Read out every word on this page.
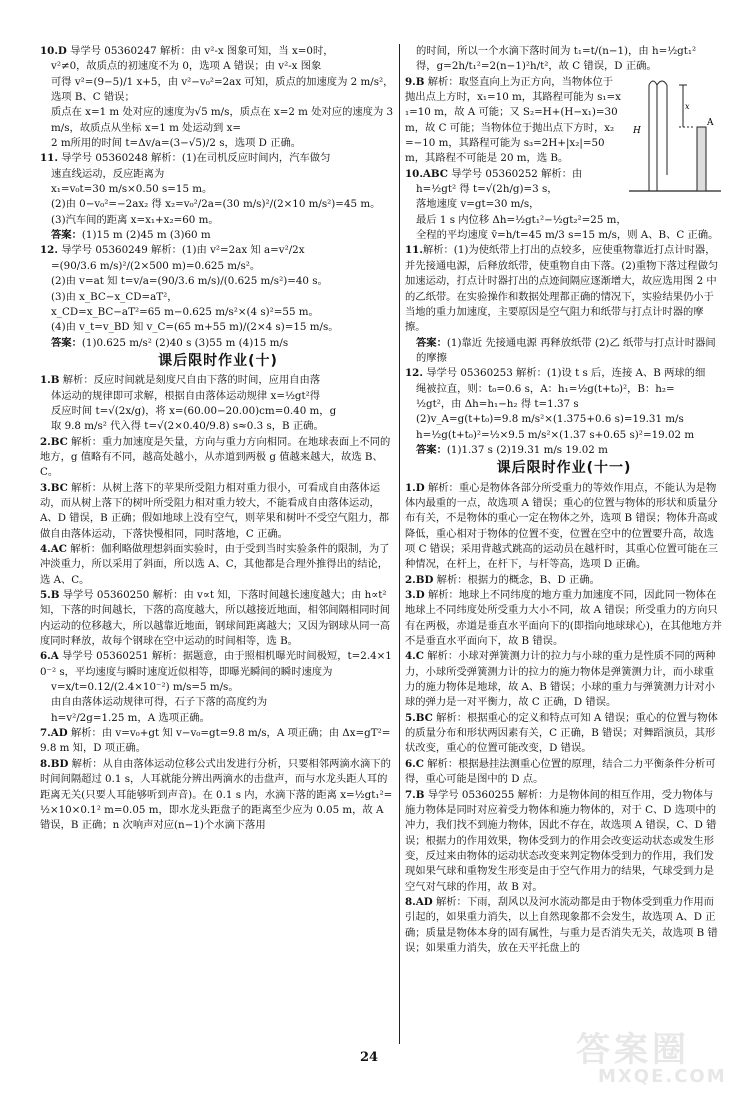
10.D 导学号 05360247 解析：由 v²-x 图象可知，当 x=0时，

v²≠0，故质点的初速度不为 0，选项 A 错误；由 v²-x 图象

可得 v²=(9−5)/1 x+5，由 v²−v₀²=2ax 可知，质点的加速度为 2 m/s²，选项 B、C 错误；

质点在 x=1 m 处对应的速度为√5 m/s，质点在 x=2 m 处对应的速度为 3 m/s，故质点从坐标 x=1 m 处运动到 x=

2 m所用的时间 t=Δv/a=(3−√5)/2 s，选项 D 正确。

11. 导学号 05360248 解析：(1)在司机反应时间内，汽车做匀

速直线运动，反应距离为

x₁=v₀t=30 m/s×0.50 s=15 m。

(2)由 0−v₀²=−2ax₂ 得 x₂=v₀²/2a=(30 m/s)²/(2×10 m/s²)=45 m。

(3)汽车间的距离 x=x₁+x₂=60 m。

答案：(1)15 m (2)45 m (3)60 m

12. 导学号 05360249 解析：(1)由 v²=2ax 知 a=v²/2x

=(90/3.6 m/s)²/(2×500 m)=0.625 m/s²。

(2)由 v=at 知 t=v/a=(90/3.6 m/s)/(0.625 m/s²)=40 s。

(3)由 x_BC−x_CD=aT²，

x_CD=x_BC−aT²=65 m−0.625 m/s²×(4 s)²=55 m。

(4)由 v_t=v_BD 知 v_C=(65 m+55 m)/(2×4 s)=15 m/s。

答案：(1)0.625 m/s² (2)40 s (3)55 m (4)15 m/s

课后限时作业(十)

1.B 解析：反应时间就是刻度尺自由下落的时间，应用自由落

体运动的规律即可求解，根据自由落体运动规律 x=½gt²得

反应时间 t=√(2x/g)，将 x=(60.00−20.00)cm=0.40 m，g

取 9.8 m/s² 代入得 t=√(2×0.40/9.8) s≈0.3 s，B 正确。

2.BC 解析：重力加速度是矢量，方向与重力方向相同。在地球表面上不同的地方，g 值略有不同，越高处越小，从赤道到两极 g 值越来越大，故选 B、C。

3.BC 解析：从树上落下的苹果所受阻力相对重力很小，可看成自由落体运动，而从树上落下的树叶所受阻力相对重力较大，不能看成自由落体运动，A、D 错误，B 正确；假如地球上没有空气，则苹果和树叶不受空气阻力，都做自由落体运动，下落快慢相同，同时落地，C 正确。

4.AC 解析：伽利略做理想斜面实验时，由于受到当时实验条件的限制，为了冲淡重力，所以采用了斜面，所以选 A、C，其他都是合理外推得出的结论，选 A、C。

5.B 导学号 05360250 解析：由 v∝t 知，下落时间越长速度越大；由 h∝t² 知，下落的时间越长，下落的高度越大，所以越接近地面，相邻间隔相同时间内运动的位移越大，所以越靠近地面，钢球间距离越大；又因为钢球从同一高度同时释放，故每个钢球在空中运动的时间相等，选 B。

6.A 导学号 05360251 解析：据题意，由于照相机曝光时间极短，t=2.4×10⁻² s，平均速度与瞬时速度近似相等，即曝光瞬间的瞬时速度为

v=x/t=0.12/(2.4×10⁻²) m/s=5 m/s。

由自由落体运动规律可得，石子下落的高度约为

h=v²/2g=1.25 m，A 选项正确。

7.AD 解析：由 v=v₀+gt 知 v−v₀=gt=9.8 m/s，A 项正确；由 Δx=gT²=9.8 m 知，D 项正确。

8.BD 解析：从自由落体运动位移公式出发进行分析，只要相邻两滴水滴下的时间间隔超过 0.1 s，人耳就能分辨出两滴水的击盘声，而与水龙头距人耳的距离无关(只要人耳能够听到声音)。在 0.1 s 内，水滴下落的距离 x=½gt₁²=½×10×0.1² m=0.05 m，即水龙头距盘子的距离至少应为 0.05 m，故 A 错误，B 正确；n 次响声对应(n−1)个水滴下落用

的时间，所以一个水滴下落时间为 t₁=t/(n−1)，由 h=½gt₁²

得，g=2h/t₁²=2(n−1)²h/t²，故 C 错误，D 正确。

H
x
A

9.B 解析：取竖直向上为正方向，当物体位于抛出点上方时，x₁=10 m，其路程可能为 s₁=x₁=10 m，故 A 可能；又 S₂=H+(H−x₁)=30 m，故 C 可能；当物体位于抛出点下方时，x₂=−10 m，其路程可能为 s₃=2H+|x₂|=50 m，其路程不可能是 20 m，选 B。

10.ABC 导学号 05360252 解析：由

h=½gt² 得 t=√(2h/g)=3 s，

落地速度 v=gt=30 m/s，

最后 1 s 内位移 Δh=½gt₁²−½gt₂²=25 m，

全程的平均速度 v̄=h/t=45 m/3 s=15 m/s，则 A、B、C 正确。

11.解析：(1)为使纸带上打出的点较多，应使重物靠近打点计时器，并先接通电源，后释放纸带，使重物自由下落。(2)重物下落过程做匀加速运动，打点计时器打出的点迹间隔应逐渐增大，故应选用图 2 中的乙纸带。在实验操作和数据处理都正确的情况下，实验结果仍小于当地的重力加速度，主要原因是空气阻力和纸带与打点计时器的摩擦。

答案：(1)靠近 先接通电源 再释放纸带 (2)乙 纸带与打点计时器间的摩擦

12. 导学号 05360253 解析：(1)设 t s 后，连接 A、B 两球的细

绳被拉直，则：t₀=0.6 s，A：h₁=½g(t+t₀)²，B：h₂=

½gt²，由 Δh=h₁−h₂ 得 t=1.37 s

(2)v_A=g(t+t₀)=9.8 m/s²×(1.375+0.6 s)=19.31 m/s

h=½g(t+t₀)²=½×9.5 m/s²×(1.37 s+0.65 s)²=19.02 m

答案：(1)1.37 s (2)19.31 m/s 19.02 m

课后限时作业(十一)

1.D 解析：重心是物体各部分所受重力的等效作用点，不能认为是物体内最重的一点，故选项 A 错误；重心的位置与物体的形状和质量分布有关，不是物体的重心一定在物体之外，选项 B 错误；物体升高或降低，重心相对于物体的位置不变，位置在空中的位置要升高，故选项 C 错误；采用背越式跳高的运动员在越杆时，其重心位置可能在三种情况，在杆上，在杆下，与杆等高，选项 D 正确。

2.BD 解析：根据力的概念，B、D 正确。

3.D 解析：地球上不同纬度的地方重力加速度不同，因此同一物体在地球上不同纬度处所受重力大小不同，故 A 错误；所受重力的方向只有在两极，赤道是垂直水平面向下的(即指向地球球心)，在其他地方并不是垂直水平面向下，故 B 错误。

4.C 解析：小球对弹簧测力计的拉力与小球的重力是性质不同的两种力，小球所受弹簧测力计的拉力的施力物体是弹簧测力计，而小球重力的施力物体是地球，故 A、B 错误；小球的重力与弹簧测力计对小球的弹力是一对平衡力，故 C 正确，D 错误。

5.BC 解析：根据重心的定义和特点可知 A 错误；重心的位置与物体的质量分布和形状两因素有关，C 正确，B 错误；对舞蹈演员，其形状改变，重心的位置可能改变，D 错误。

6.C 解析：根据悬挂法测重心位置的原理，结合二力平衡条件分析可得，重心可能是图中的 D 点。

7.B 导学号 05360255 解析：力是物体间的相互作用，受力物体与施力物体是同时对应着受力物体和施力物体的，对于 C、D 选项中的冲力，我们找不到施力物体，因此不存在，故选项 A 错误，C、D 错误；根据力的作用效果，物体受到力的作用会改变运动状态或发生形变，反过来由物体的运动状态改变来判定物体受到力的作用，我们发现如果气球和重物发生形变是由于空气作用力的结果，气球受到力是空气对气球的作用，故 B 对。

8.AD 解析：下雨，刮风以及河水流动都是由于物体受到重力作用而引起的，如果重力消失，以上自然现象都不会发生，故选项 A、D 正确；质量是物体本身的固有属性，与重力是否消失无关，故选项 B 错误；如果重力消失，放在天平托盘上的

24	答案圈
MXQE.COM
